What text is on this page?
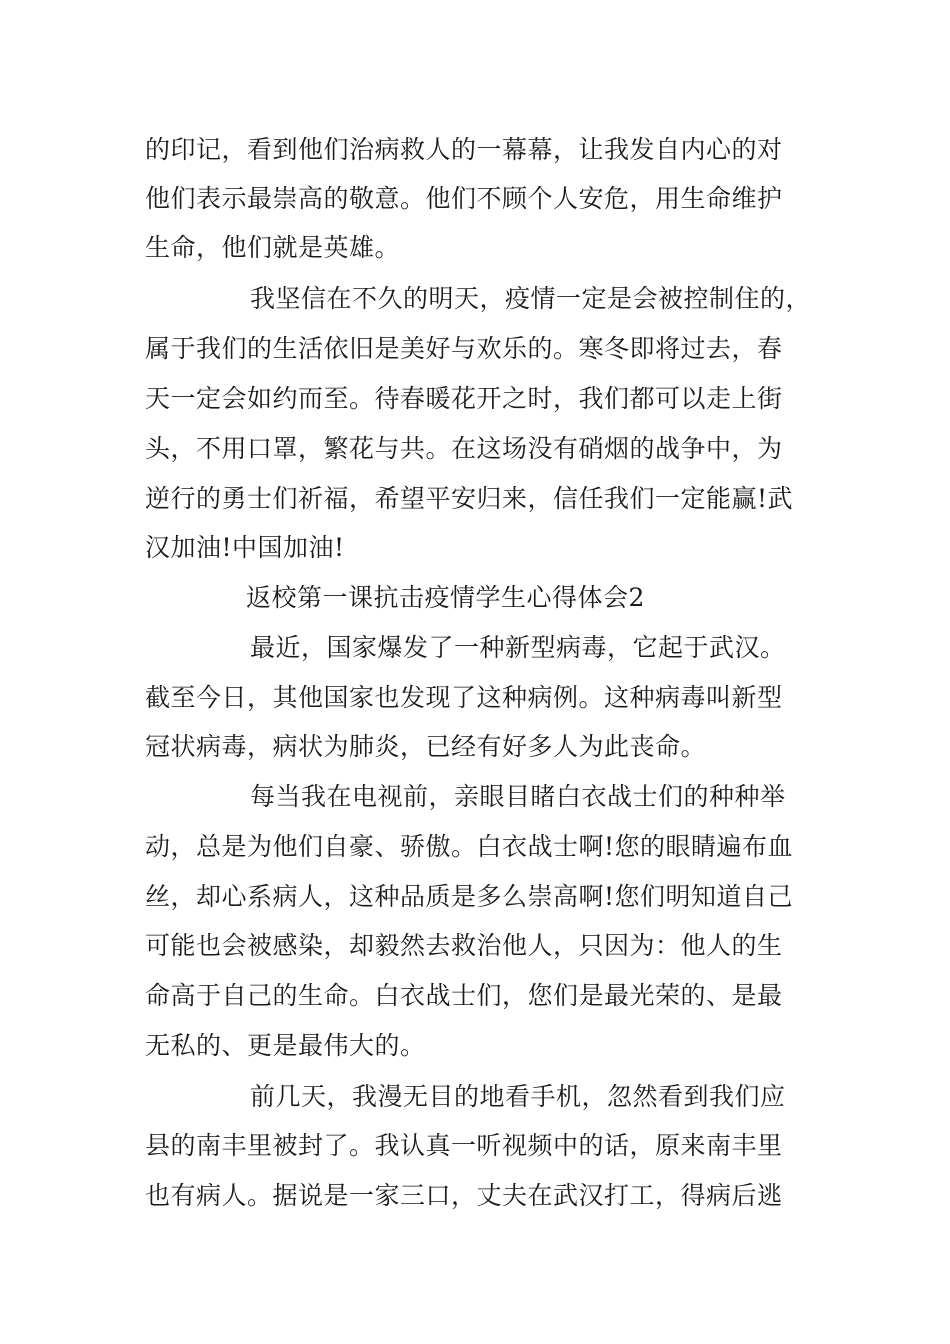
的印记，看到他们治病救人的一幕幕，让我发自内心的对

他们表示最崇高的敬意。他们不顾个人安危，用生命维护

生命，他们就是英雄。

我坚信在不久的明天，疫情一定是会被控制住的，

属于我们的生活依旧是美好与欢乐的。寒冬即将过去，春

天一定会如约而至。待春暖花开之时，我们都可以走上街

头，不用口罩，繁花与共。在这场没有硝烟的战争中，为

逆行的勇士们祈福，希望平安归来，信任我们一定能赢!武

汉加油!中国加油!

返校第一课抗击疫情学生心得体会2

最近，国家爆发了一种新型病毒，它起于武汉。

截至今日，其他国家也发现了这种病例。这种病毒叫新型

冠状病毒，病状为肺炎，已经有好多人为此丧命。

每当我在电视前，亲眼目睹白衣战士们的种种举

动，总是为他们自豪、骄傲。白衣战士啊!您的眼睛遍布血

丝，却心系病人，这种品质是多么崇高啊!您们明知道自己

可能也会被感染，却毅然去救治他人，只因为：他人的生

命高于自己的生命。白衣战士们，您们是最光荣的、是最

无私的、更是最伟大的。

前几天，我漫无目的地看手机，忽然看到我们应

县的南丰里被封了。我认真一听视频中的话，原来南丰里

也有病人。据说是一家三口，丈夫在武汉打工，得病后逃
